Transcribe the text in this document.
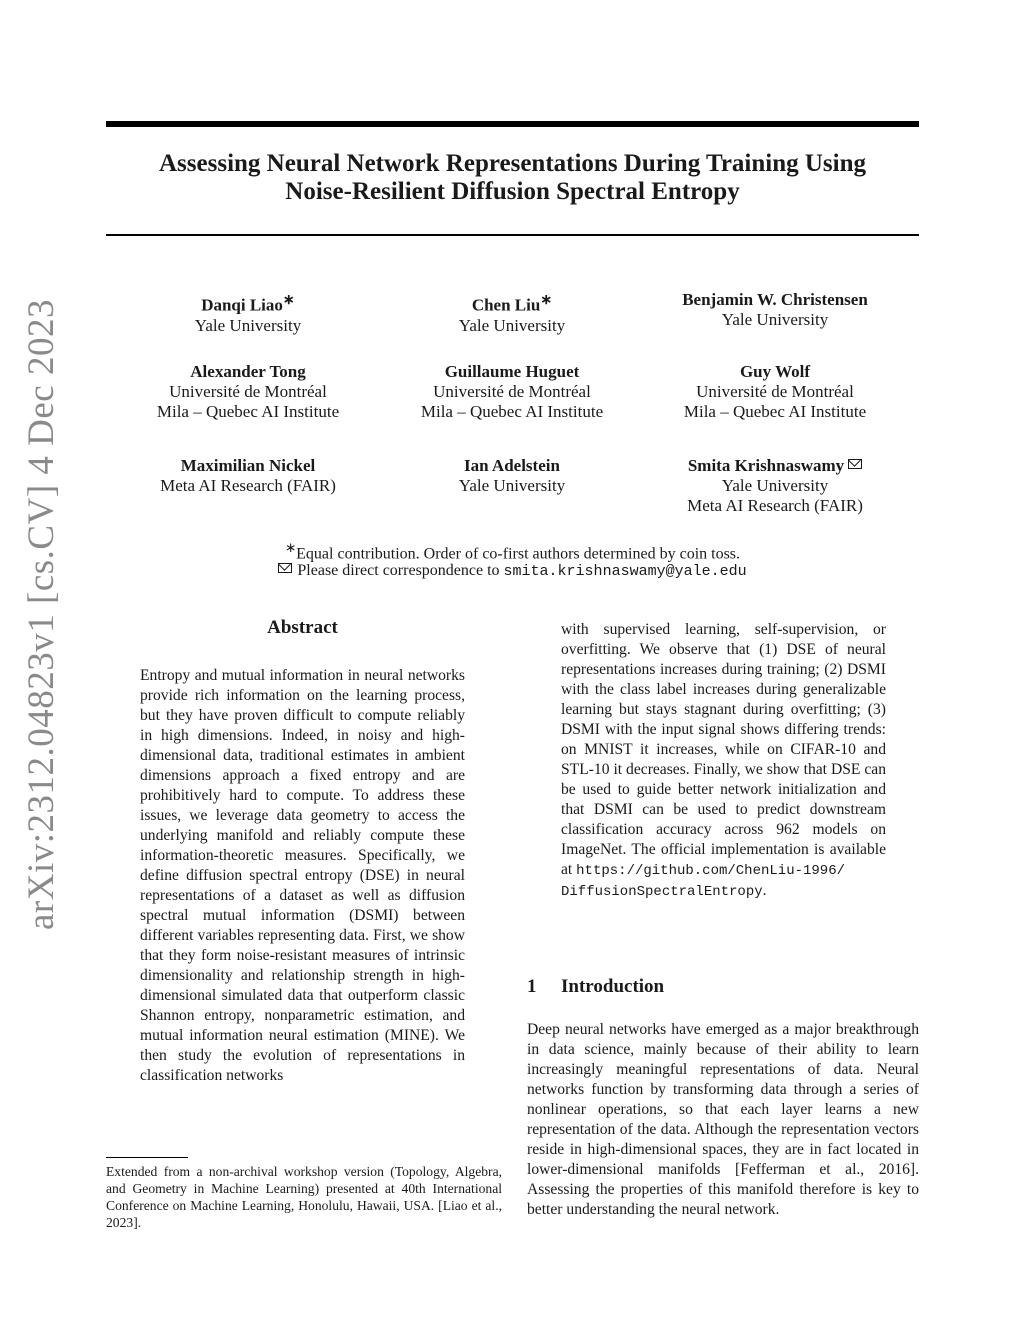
arXiv:2312.04823v1 [cs.CV] 4 Dec 2023
Assessing Neural Network Representations During Training Using
Noise-Resilient Diffusion Spectral Entropy
Danqi Liao∗
Yale University
Chen Liu∗
Yale University
Benjamin W. Christensen
Yale University
Alexander Tong
Université de Montréal
Mila – Quebec AI Institute
Guillaume Huguet
Université de Montréal
Mila – Quebec AI Institute
Guy Wolf
Université de Montréal
Mila – Quebec AI Institute
Maximilian Nickel
Meta AI Research (FAIR)
Ian Adelstein
Yale University
Smita Krishnaswamy
Yale University
Meta AI Research (FAIR)
∗Equal contribution. Order of co-first authors determined by coin toss.
Please direct correspondence to smita.krishnaswamy@yale.edu
Abstract
Entropy and mutual information in neural networks provide rich information on the learning process, but they have proven difficult to compute reliably in high dimensions. Indeed, in noisy and high-dimensional data, traditional estimates in ambient dimensions approach a fixed entropy and are prohibitively hard to compute. To address these issues, we leverage data geometry to access the underlying manifold and reliably compute these information-theoretic measures. Specifically, we define diffusion spectral entropy (DSE) in neural representations of a dataset as well as diffusion spectral mutual information (DSMI) between different variables representing data. First, we show that they form noise-resistant measures of intrinsic dimensionality and relationship strength in high-dimensional simulated data that outperform classic Shannon entropy, nonparametric estimation, and mutual information neural estimation (MINE). We then study the evolution of representations in classification networks
with supervised learning, self-supervision, or overfitting. We observe that (1) DSE of neural representations increases during training; (2) DSMI with the class label increases during generalizable learning but stays stagnant during overfitting; (3) DSMI with the input signal shows differing trends: on MNIST it increases, while on CIFAR-10 and STL-10 it decreases. Finally, we show that DSE can be used to guide better network initialization and that DSMI can be used to predict downstream classification accuracy across 962 models on ImageNet. The official implementation is available at https://github.com/ChenLiu-1996/
DiffusionSpectralEntropy.
Extended from a non-archival workshop version (Topology, Algebra, and Geometry in Machine Learning) presented at 40th International Conference on Machine Learning, Honolulu, Hawaii, USA. [Liao et al., 2023].
1 Introduction
Deep neural networks have emerged as a major breakthrough in data science, mainly because of their ability to learn increasingly meaningful representations of data. Neural networks function by transforming data through a series of nonlinear operations, so that each layer learns a new representation of the data. Although the representation vectors reside in high-dimensional spaces, they are in fact located in lower-dimensional manifolds [Fefferman et al., 2016]. Assessing the properties of this manifold therefore is key to better understanding the neural network.
